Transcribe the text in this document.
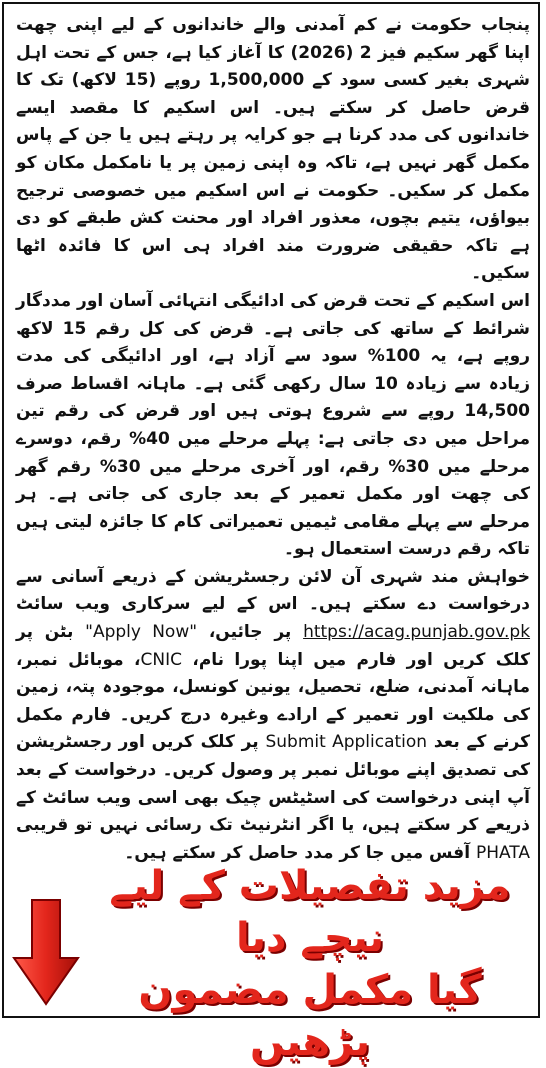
پنجاب حکومت نے کم آمدنی والے خاندانوں کے لیے اپنی چھت اپنا گھر سکیم فیز 2 (2026) کا آغاز کیا ہے، جس کے تحت اہل شہری بغیر کسی سود کے 1,500,000 روپے (15 لاکھ) تک کا قرض حاصل کر سکتے ہیں۔ اس اسکیم کا مقصد ایسے خاندانوں کی مدد کرنا ہے جو کرایہ پر رہتے ہیں یا جن کے پاس مکمل گھر نہیں ہے، تاکہ وہ اپنی زمین پر یا نامکمل مکان کو مکمل کر سکیں۔ حکومت نے اس اسکیم میں خصوصی ترجیح بیواؤں، یتیم بچوں، معذور افراد اور محنت کش طبقے کو دی ہے تاکہ حقیقی ضرورت مند افراد ہی اس کا فائدہ اٹھا سکیں۔

اس اسکیم کے تحت قرض کی ادائیگی انتہائی آسان اور مددگار شرائط کے ساتھ کی جاتی ہے۔ قرض کی کل رقم 15 لاکھ روپے ہے، یہ 100% سود سے آزاد ہے، اور ادائیگی کی مدت زیادہ سے زیادہ 10 سال رکھی گئی ہے۔ ماہانہ اقساط صرف 14,500 روپے سے شروع ہوتی ہیں اور قرض کی رقم تین مراحل میں دی جاتی ہے: پہلے مرحلے میں 40% رقم، دوسرے مرحلے میں 30% رقم، اور آخری مرحلے میں 30% رقم گھر کی چھت اور مکمل تعمیر کے بعد جاری کی جاتی ہے۔ ہر مرحلے سے پہلے مقامی ٹیمیں تعمیراتی کام کا جائزہ لیتی ہیں تاکہ رقم درست استعمال ہو۔

خواہش مند شہری آن لائن رجسٹریشن کے ذریعے آسانی سے درخواست دے سکتے ہیں۔ اس کے لیے سرکاری ویب سائٹ https://acag.punjab.gov.pk پر جائیں، "Apply Now" بٹن پر کلک کریں اور فارم میں اپنا پورا نام، CNIC، موبائل نمبر، ماہانہ آمدنی، ضلع، تحصیل، یونین کونسل، موجودہ پتہ، زمین کی ملکیت اور تعمیر کے ارادے وغیرہ درج کریں۔ فارم مکمل کرنے کے بعد Submit Application پر کلک کریں اور رجسٹریشن کی تصدیق اپنے موبائل نمبر پر وصول کریں۔ درخواست کے بعد آپ اپنی درخواست کی اسٹیٹس چیک بھی اسی ویب سائٹ کے ذریعے کر سکتے ہیں، یا اگر انٹرنیٹ تک رسائی نہیں تو قریبی PHATA آفس میں جا کر مدد حاصل کر سکتے ہیں۔

مزید تفصیلات کے لیے نیچے دیا
گیا مکمل مضمون پڑھیں
